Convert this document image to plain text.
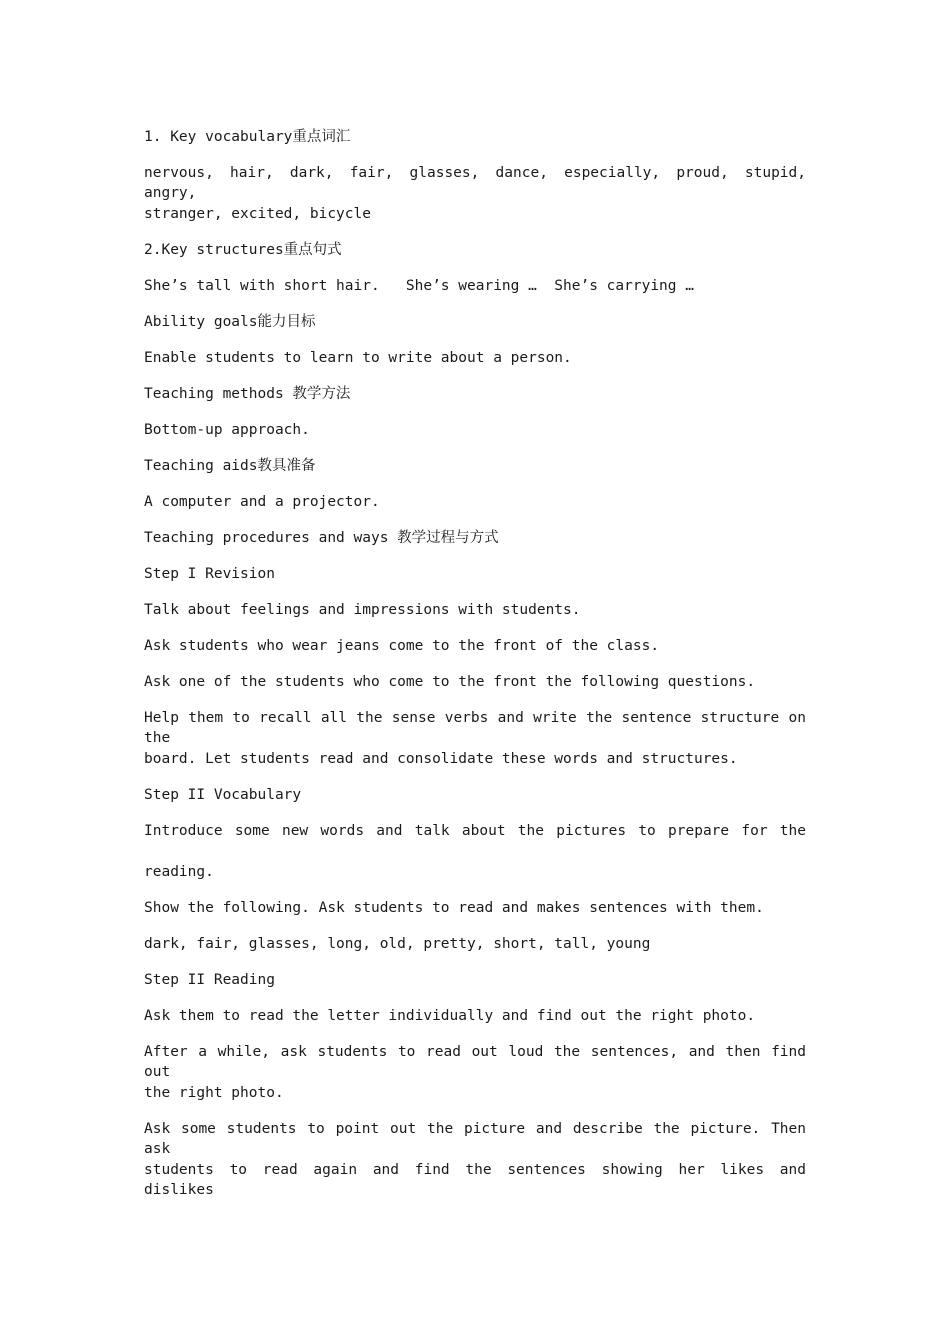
1. Key vocabulary重点词汇
nervous, hair, dark, fair, glasses, dance, especially, proud, stupid, angry,
stranger, excited, bicycle
2.Key structures重点句式
She’s tall with short hair.   She’s wearing …  She’s carrying …
Ability goals能力目标
Enable students to learn to write about a person.
Teaching methods 教学方法
Bottom-up approach.
Teaching aids教具准备
A computer and a projector.
Teaching procedures and ways 教学过程与方式
Step I Revision
Talk about feelings and impressions with students.
Ask students who wear jeans come to the front of the class.
Ask one of the students who come to the front the following questions.
Help them to recall all the sense verbs and write the sentence structure on the
board. Let students read and consolidate these words and structures.
Step II Vocabulary
Introduce some new words and talk about the pictures to prepare for the
reading.
Show the following. Ask students to read and makes sentences with them.
dark, fair, glasses, long, old, pretty, short, tall, young
Step II Reading
Ask them to read the letter individually and find out the right photo.
After a while, ask students to read out loud the sentences, and then find out
the right photo.
Ask some students to point out the picture and describe the picture. Then ask
students to read again and find the sentences showing her likes and dislikes
